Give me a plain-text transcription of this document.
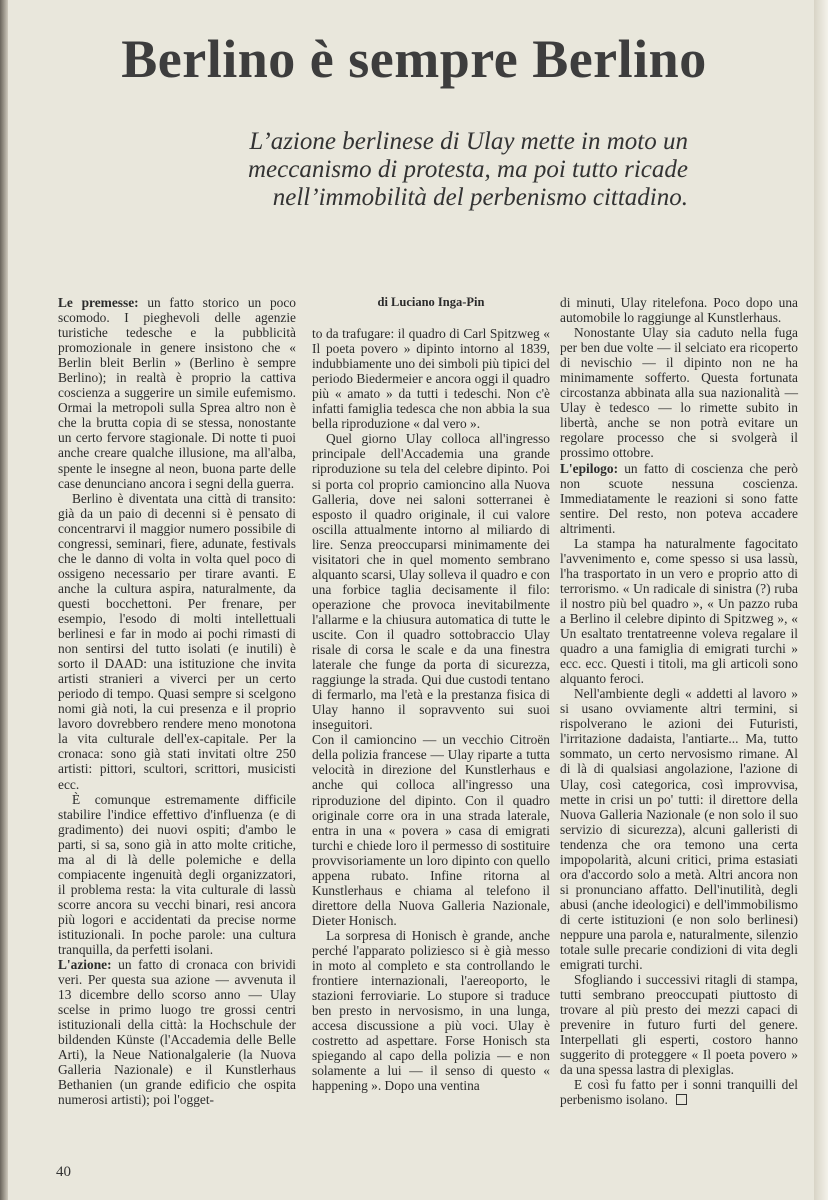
Berlino è sempre Berlino
L’azione berlinese di Ulay mette in moto un meccanismo di protesta, ma poi tutto ricade nell’immobilità del perbenismo cittadino.

Le premesse: un fatto storico un poco scomodo. I pieghevoli delle agenzie turistiche tedesche e la pubblicità promozionale in genere insistono che « Berlin bleit Berlin » (Berlino è sempre Berlino); in realtà è proprio la cattiva coscienza a suggerire un simile eufemismo. Ormai la metropoli sulla Sprea altro non è che la brutta copia di se stessa, nonostante un certo fervore stagionale. Di notte ti puoi anche creare qualche illusione, ma all'alba, spente le insegne al neon, buona parte delle case denunciano ancora i segni della guerra.

Berlino è diventata una città di transito: già da un paio di decenni si è pensato di concentrarvi il maggior numero possibile di congressi, seminari, fiere, adunate, festivals che le danno di volta in volta quel poco di ossigeno necessario per tirare avanti. E anche la cultura aspira, naturalmente, da questi bocchettoni. Per frenare, per esempio, l'esodo di molti intellettuali berlinesi e far in modo ai pochi rimasti di non sentirsi del tutto isolati (e inutili) è sorto il DAAD: una istituzione che invita artisti stranieri a viverci per un certo periodo di tempo. Quasi sempre si scelgono nomi già noti, la cui presenza e il proprio lavoro dovrebbero rendere meno monotona la vita culturale dell'ex-capitale. Per la cronaca: sono già stati invitati oltre 250 artisti: pittori, scultori, scrittori, musicisti ecc.

È comunque estremamente difficile stabilire l'indice effettivo d'influenza (e di gradimento) dei nuovi ospiti; d'ambo le parti, si sa, sono già in atto molte critiche, ma al di là delle polemiche e della compiacente ingenuità degli organizzatori, il problema resta: la vita culturale di lassù scorre ancora su vecchi binari, resi ancora più logori e accidentati da precise norme istituzionali. In poche parole: una cultura tranquilla, da perfetti isolani.

L'azione: un fatto di cronaca con brividi veri. Per questa sua azione — avvenuta il 13 dicembre dello scorso anno — Ulay scelse in primo luogo tre grossi centri istituzionali della città: la Hochschule der bildenden Künste (l'Accademia delle Belle Arti), la Neue Nationalgalerie (la Nuova Galleria Nazionale) e il Kunstlerhaus Bethanien (un grande edificio che ospita numerosi artisti); poi l'ogget-

di Luciano Inga-Pin

to da trafugare: il quadro di Carl Spitzweg « Il poeta povero » dipinto intorno al 1839, indubbiamente uno dei simboli più tipici del periodo Biedermeier e ancora oggi il quadro più « amato » da tutti i tedeschi. Non c'è infatti famiglia tedesca che non abbia la sua bella riproduzione « dal vero ».

Quel giorno Ulay colloca all'ingresso principale dell'Accademia una grande riproduzione su tela del celebre dipinto. Poi si porta col proprio camioncino alla Nuova Galleria, dove nei saloni sotterranei è esposto il quadro originale, il cui valore oscilla attualmente intorno al miliardo di lire. Senza preoccuparsi minimamente dei visitatori che in quel momento sembrano alquanto scarsi, Ulay solleva il quadro e con una forbice taglia decisamente il filo: operazione che provoca inevitabilmente l'allarme e la chiusura automatica di tutte le uscite. Con il quadro sottobraccio Ulay risale di corsa le scale e da una finestra laterale che funge da porta di sicurezza, raggiunge la strada. Qui due custodi tentano di fermarlo, ma l'età e la prestanza fisica di Ulay hanno il sopravvento sui suoi inseguitori.

Con il camioncino — un vecchio Citroën della polizia francese — Ulay riparte a tutta velocità in direzione del Kunstlerhaus e anche qui colloca all'ingresso una riproduzione del dipinto. Con il quadro originale corre ora in una strada laterale, entra in una « povera » casa di emigrati turchi e chiede loro il permesso di sostituire provvisoriamente un loro dipinto con quello appena rubato. Infine ritorna al Kunstlerhaus e chiama al telefono il direttore della Nuova Galleria Nazionale, Dieter Honisch.

La sorpresa di Honisch è grande, anche perché l'apparato poliziesco si è già messo in moto al completo e sta controllando le frontiere internazionali, l'aereoporto, le stazioni ferroviarie. Lo stupore si traduce ben presto in nervosismo, in una lunga, accesa discussione a più voci. Ulay è costretto ad aspettare. Forse Honisch sta spiegando al capo della polizia — e non solamente a lui — il senso di questo « happening ». Dopo una ventina

di minuti, Ulay ritelefona. Poco dopo una automobile lo raggiunge al Kunstlerhaus.

Nonostante Ulay sia caduto nella fuga per ben due volte — il selciato era ricoperto di nevischio — il dipinto non ne ha minimamente sofferto. Questa fortunata circostanza abbinata alla sua nazionalità — Ulay è tedesco — lo rimette subito in libertà, anche se non potrà evitare un regolare processo che si svolgerà il prossimo ottobre.

L'epilogo: un fatto di coscienza che però non scuote nessuna coscienza. Immediatamente le reazioni si sono fatte sentire. Del resto, non poteva accadere altrimenti.

La stampa ha naturalmente fagocitato l'avvenimento e, come spesso si usa lassù, l'ha trasportato in un vero e proprio atto di terrorismo. « Un radicale di sinistra (?) ruba il nostro più bel quadro », « Un pazzo ruba a Berlino il celebre dipinto di Spitzweg », « Un esaltato trentatreenne voleva regalare il quadro a una famiglia di emigrati turchi » ecc. ecc. Questi i titoli, ma gli articoli sono alquanto feroci.

Nell'ambiente degli « addetti al lavoro » si usano ovviamente altri termini, si rispolverano le azioni dei Futuristi, l'irritazione dadaista, l'antiarte... Ma, tutto sommato, un certo nervosismo rimane. Al di là di qualsiasi angolazione, l'azione di Ulay, così categorica, così improvvisa, mette in crisi un po' tutti: il direttore della Nuova Galleria Nazionale (e non solo il suo servizio di sicurezza), alcuni galleristi di tendenza che ora temono una certa impopolarità, alcuni critici, prima estasiati ora d'accordo solo a metà. Altri ancora non si pronunciano affatto. Dell'inutilità, degli abusi (anche ideologici) e dell'immobilismo di certe istituzioni (e non solo berlinesi) neppure una parola e, naturalmente, silenzio totale sulle precarie condizioni di vita degli emigrati turchi.

Sfogliando i successivi ritagli di stampa, tutti sembrano preoccupati piuttosto di trovare al più presto dei mezzi capaci di prevenire in futuro furti del genere. Interpellati gli esperti, costoro hanno suggerito di proteggere « Il poeta povero » da una spessa lastra di plexiglas.

E così fu fatto per i sonni tranquilli del perbenismo isolano.

40
